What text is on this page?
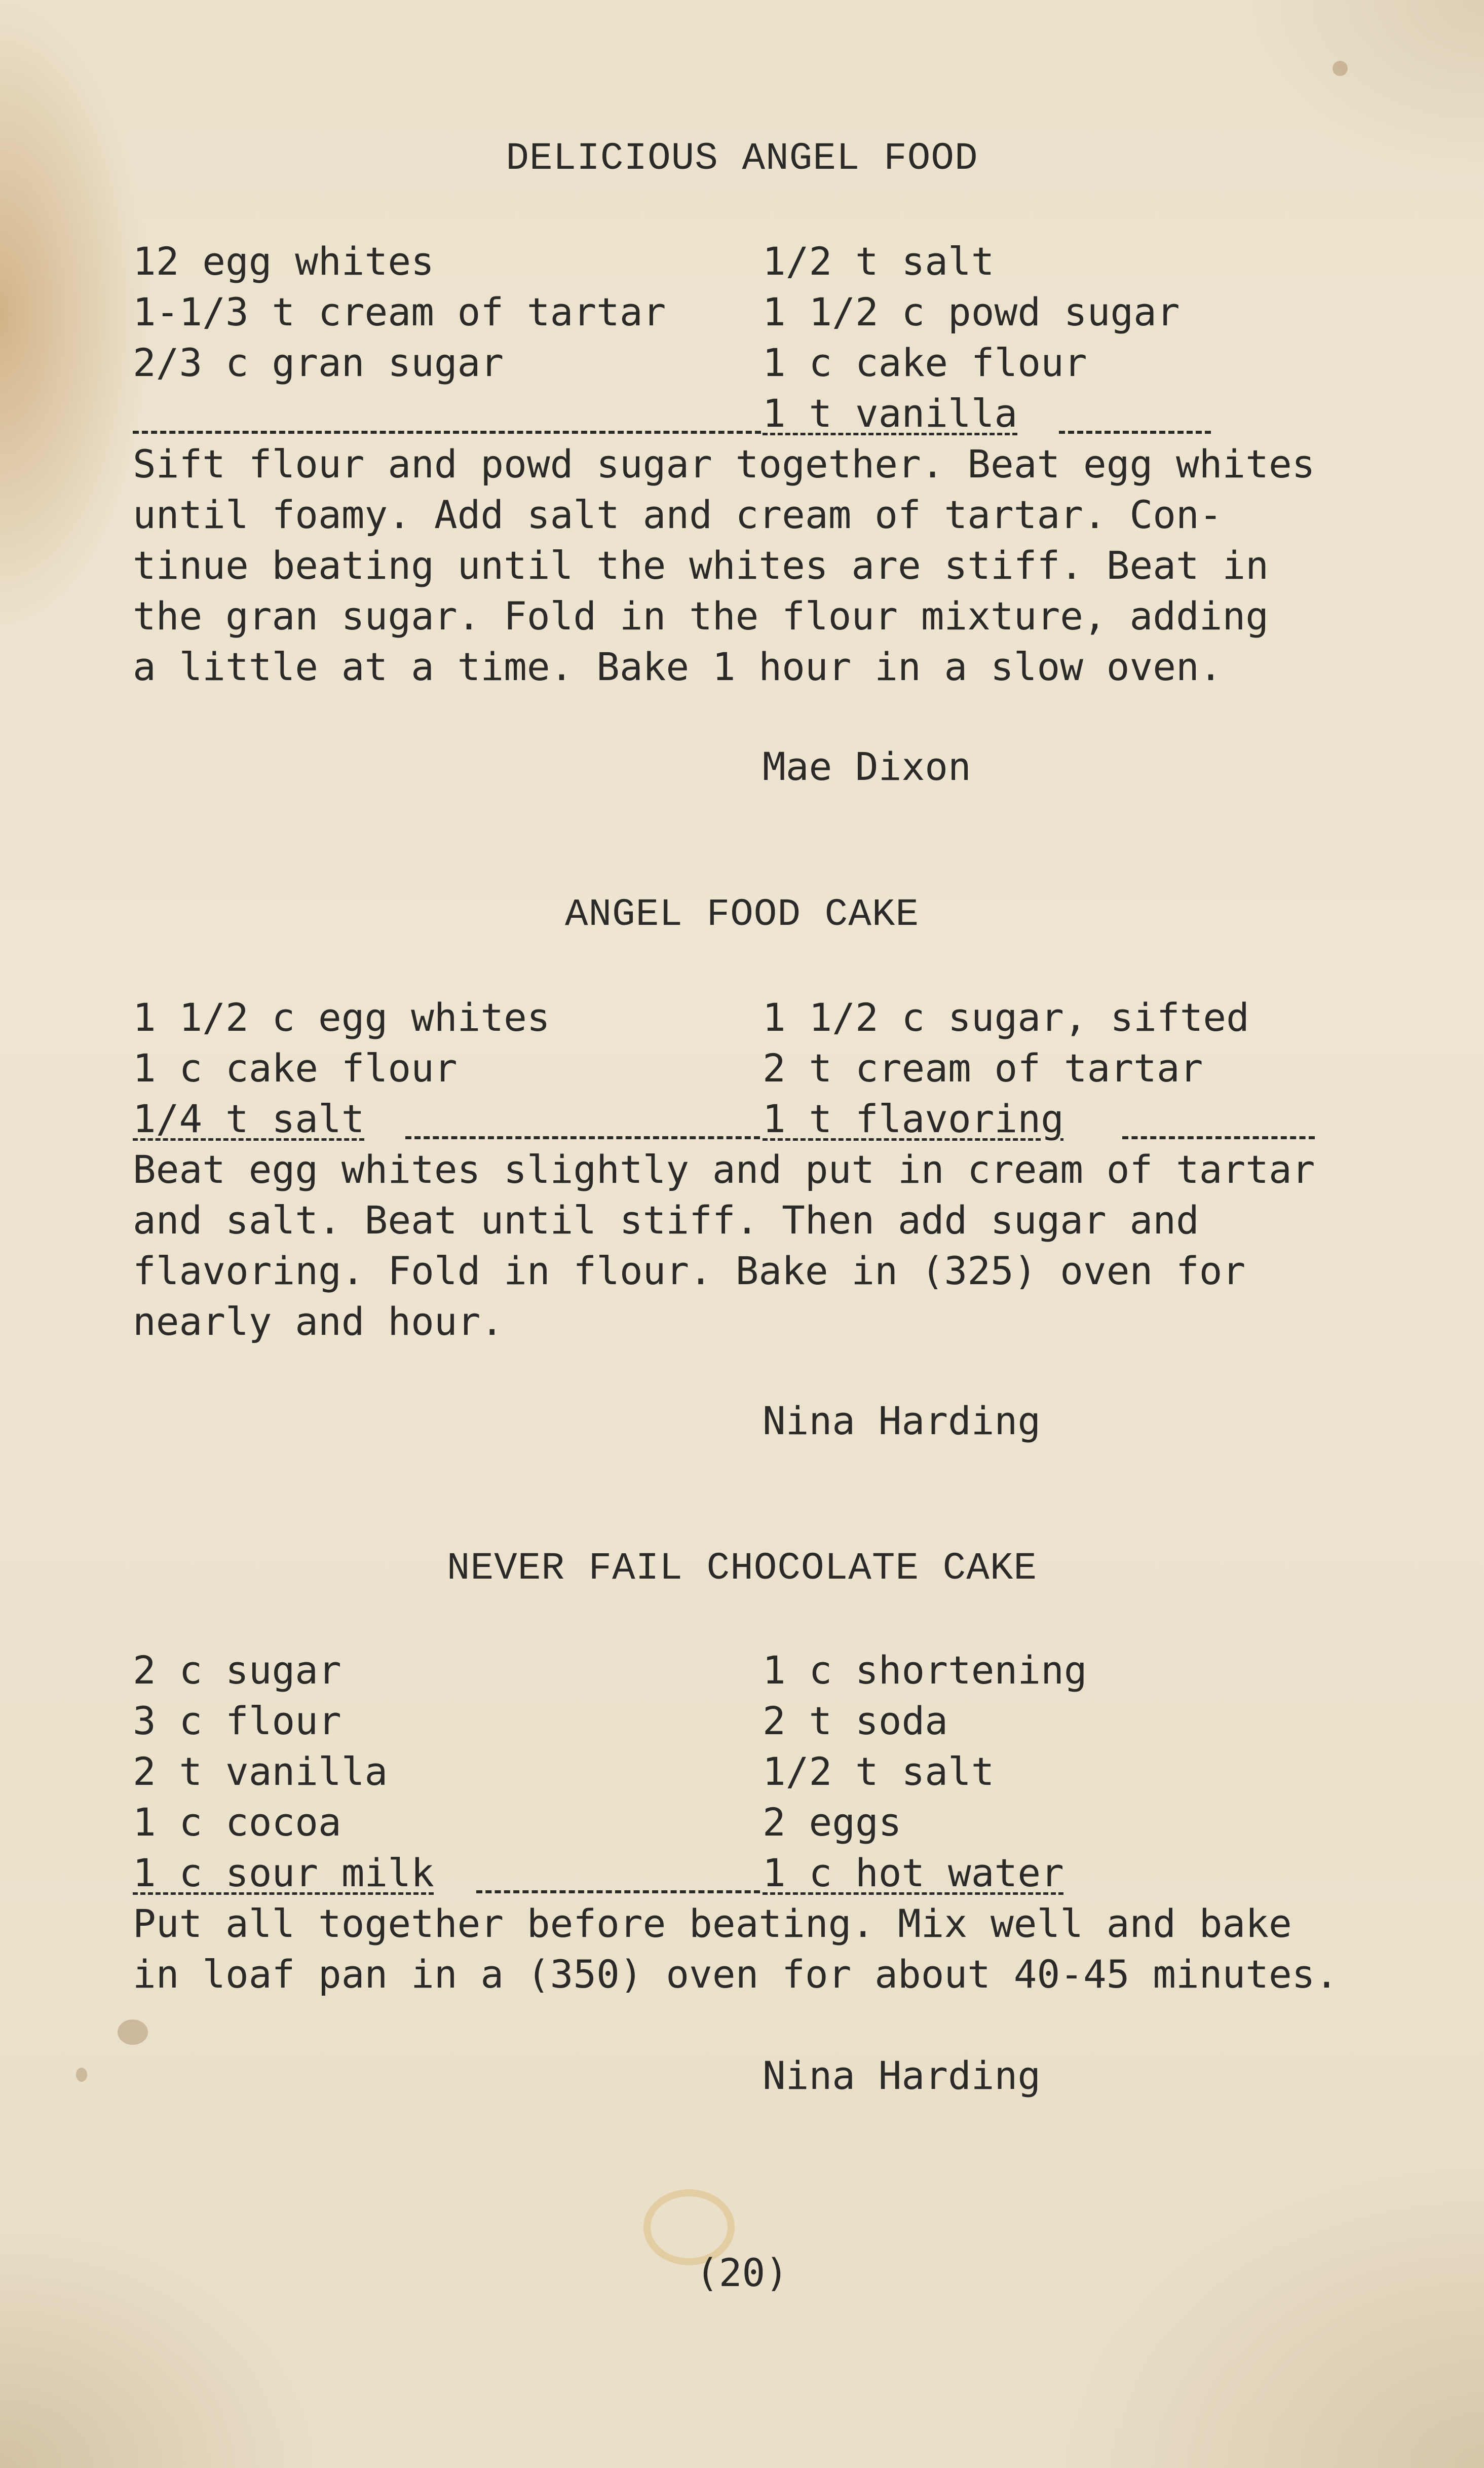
DELICIOUS ANGEL FOOD
12 egg whites
1-1/3 t cream of tartar
2/3 c gran sugar
1/2 t salt
1 1/2 c powd sugar
1 c cake flour
1 t vanilla
Sift flour and powd sugar together. Beat egg whites
until foamy. Add salt and cream of tartar. Con-
tinue beating until the whites are stiff. Beat in
the gran sugar. Fold in the flour mixture, adding
a little at a time. Bake 1 hour in a slow oven.
Mae Dixon
ANGEL FOOD CAKE
1 1/2 c egg whites
1 c cake flour
1/4 t salt
1 1/2 c sugar, sifted
2 t cream of tartar
1 t flavoring
Beat egg whites slightly and put in cream of tartar
and salt. Beat until stiff. Then add sugar and
flavoring. Fold in flour. Bake in (325) oven for
nearly and hour.
Nina Harding
NEVER FAIL CHOCOLATE CAKE
2 c sugar
3 c flour
2 t vanilla
1 c cocoa
1 c sour milk
1 c shortening
2 t soda
1/2 t salt
2 eggs
1 c hot water
Put all together before beating. Mix well and bake
in loaf pan in a (350) oven for about 40-45 minutes.
Nina Harding
(20)
